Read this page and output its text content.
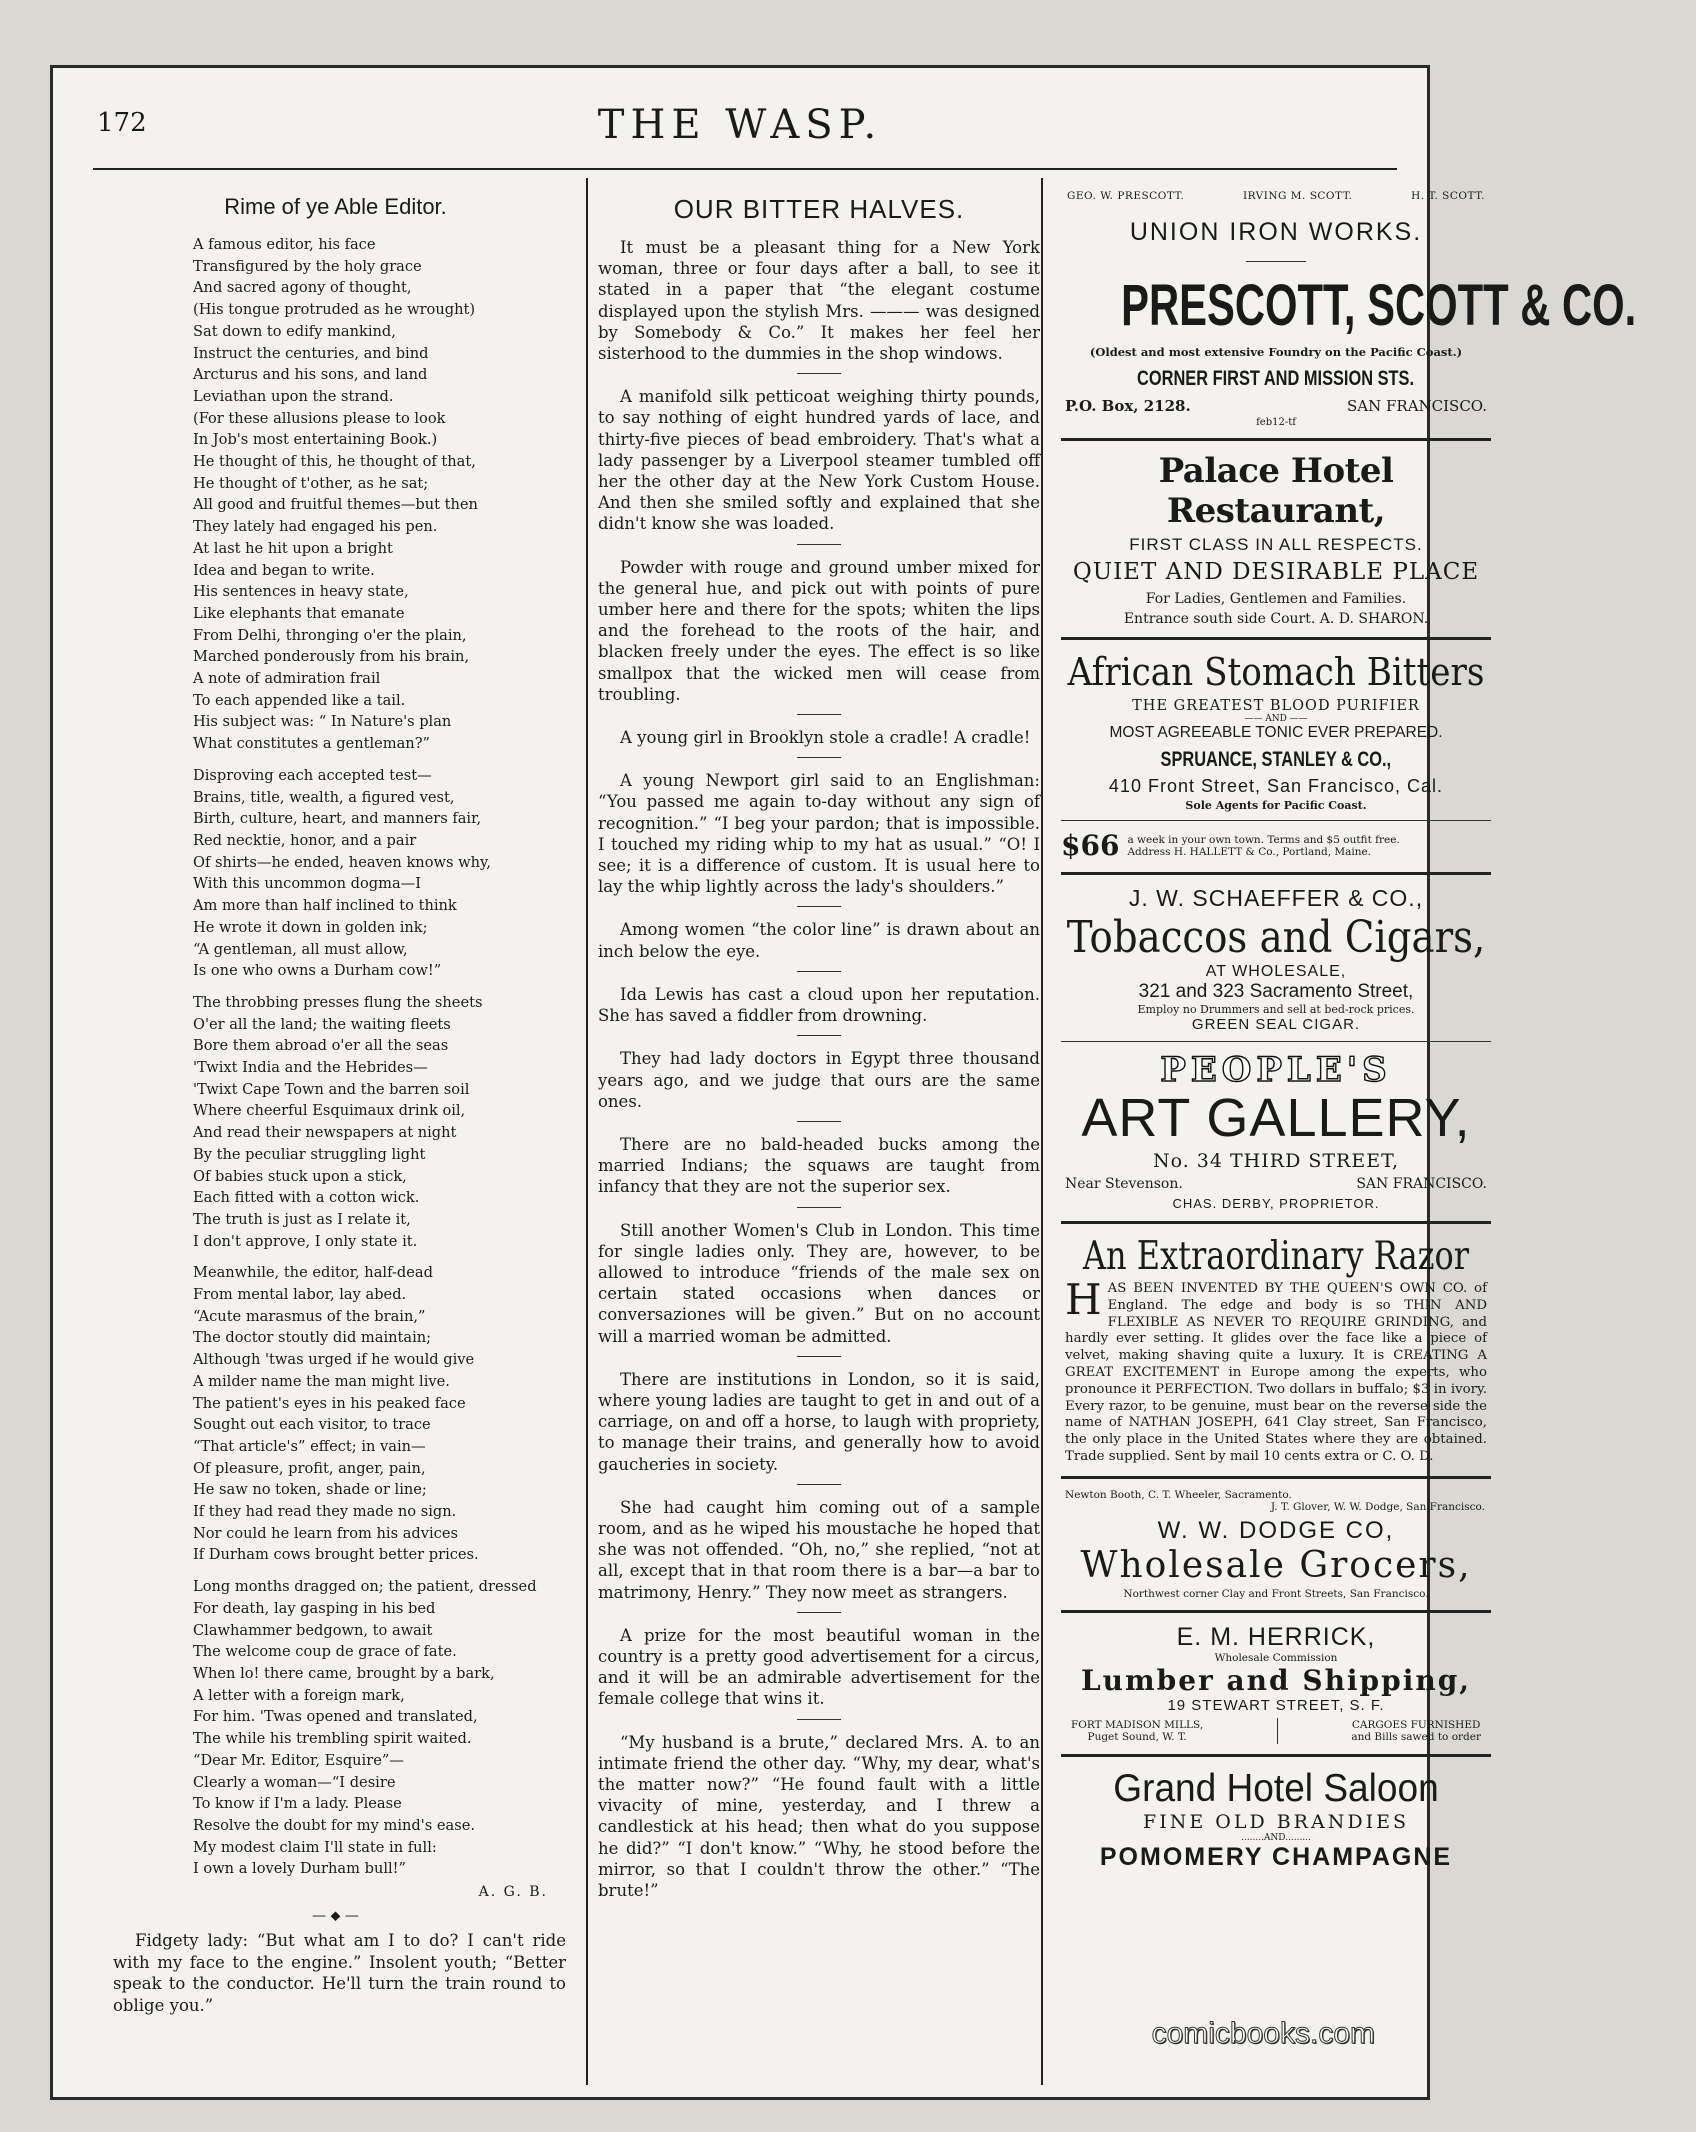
172	THE WASP.
Rime of ye Able Editor.
A famous editor, his face
Transfigured by the holy grace
And sacred agony of thought,
(His tongue protruded as he wrought)
Sat down to edify mankind,
Instruct the centuries, and bind
Arcturus and his sons, and land
Leviathan upon the strand.
(For these allusions please to look
In Job's most entertaining Book.)
He thought of this, he thought of that,
He thought of t'other, as he sat;
All good and fruitful themes—but then
They lately had engaged his pen.
At last he hit upon a bright
Idea and began to write.
His sentences in heavy state,
Like elephants that emanate
From Delhi, thronging o'er the plain,
Marched ponderously from his brain,
A note of admiration frail
To each appended like a tail.
His subject was: “ In Nature's plan
What constitutes a gentleman?”
Disproving each accepted test—
Brains, title, wealth, a figured vest,
Birth, culture, heart, and manners fair,
Red necktie, honor, and a pair
Of shirts—he ended, heaven knows why,
With this uncommon dogma—I
Am more than half inclined to think
He wrote it down in golden ink;
“A gentleman, all must allow,
Is one who owns a Durham cow!”
The throbbing presses flung the sheets
O'er all the land; the waiting fleets
Bore them abroad o'er all the seas
'Twixt India and the Hebrides—
'Twixt Cape Town and the barren soil
Where cheerful Esquimaux drink oil,
And read their newspapers at night
By the peculiar struggling light
Of babies stuck upon a stick,
Each fitted with a cotton wick.
The truth is just as I relate it,
I don't approve, I only state it.
Meanwhile, the editor, half-dead
From mental labor, lay abed.
“Acute marasmus of the brain,”
The doctor stoutly did maintain;
Although 'twas urged if he would give
A milder name the man might live.
The patient's eyes in his peaked face
Sought out each visitor, to trace
“That article's” effect; in vain—
Of pleasure, profit, anger, pain,
He saw no token, shade or line;
If they had read they made no sign.
Nor could he learn from his advices
If Durham cows brought better prices.
Long months dragged on; the patient, dressed
For death, lay gasping in his bed
Clawhammer bedgown, to await
The welcome coup de grace of fate.
When lo! there came, brought by a bark,
A letter with a foreign mark,
For him. 'Twas opened and translated,
The while his trembling spirit waited.
“Dear Mr. Editor, Esquire”—
Clearly a woman—“I desire
To know if I'm a lady. Please
Resolve the doubt for my mind's ease.
My modest claim I'll state in full:
I own a lovely Durham bull!”
A. G. B.
— ⬥ —
Fidgety lady: “But what am I to do? I can't ride with my face to the engine.” Insolent youth; “Better speak to the conductor. He'll turn the train round to oblige you.”
OUR BITTER HALVES.
It must be a pleasant thing for a New York woman, three or four days after a ball, to see it stated in a paper that “the elegant costume displayed upon the stylish Mrs. ——— was designed by Somebody & Co.” It makes her feel her sisterhood to the dummies in the shop windows.
A manifold silk petticoat weighing thirty pounds, to say nothing of eight hundred yards of lace, and thirty-five pieces of bead embroidery. That's what a lady passenger by a Liverpool steamer tumbled off her the other day at the New York Custom House. And then she smiled softly and explained that she didn't know she was loaded.
Powder with rouge and ground umber mixed for the general hue, and pick out with points of pure umber here and there for the spots; whiten the lips and the forehead to the roots of the hair, and blacken freely under the eyes. The effect is so like smallpox that the wicked men will cease from troubling.
A young girl in Brooklyn stole a cradle! A cradle!
A young Newport girl said to an Englishman: “You passed me again to-day without any sign of recognition.” “I beg your pardon; that is impossible. I touched my riding whip to my hat as usual.” “O! I see; it is a difference of custom. It is usual here to lay the whip lightly across the lady's shoulders.”
Among women “the color line” is drawn about an inch below the eye.
Ida Lewis has cast a cloud upon her reputation. She has saved a fiddler from drowning.
They had lady doctors in Egypt three thousand years ago, and we judge that ours are the same ones.
There are no bald-headed bucks among the married Indians; the squaws are taught from infancy that they are not the superior sex.
Still another Women's Club in London. This time for single ladies only. They are, however, to be allowed to introduce “friends of the male sex on certain stated occasions when dances or conversaziones will be given.” But on no account will a married woman be admitted.
There are institutions in London, so it is said, where young ladies are taught to get in and out of a carriage, on and off a horse, to laugh with propriety, to manage their trains, and generally how to avoid gaucheries in society.
She had caught him coming out of a sample room, and as he wiped his moustache he hoped that she was not offended. “Oh, no,” she replied, “not at all, except that in that room there is a bar—a bar to matrimony, Henry.” They now meet as strangers.
A prize for the most beautiful woman in the country is a pretty good advertisement for a circus, and it will be an admirable advertisement for the female college that wins it.
“My husband is a brute,” declared Mrs. A. to an intimate friend the other day. “Why, my dear, what's the matter now?” “He found fault with a little vivacity of mine, yesterday, and I threw a candlestick at his head; then what do you suppose he did?” “I don't know.” “Why, he stood before the mirror, so that I couldn't throw the other.” “The brute!”
GEO. W. PRESCOTT.	IRVING M. SCOTT.	H. T. SCOTT.
UNION IRON WORKS.
PRESCOTT, SCOTT & CO.
(Oldest and most extensive Foundry on the Pacific Coast.)
CORNER FIRST AND MISSION STS.
P.O. Box, 2128.	SAN FRANCISCO.
feb12-tf
Palace Hotel Restaurant,
FIRST CLASS IN ALL RESPECTS.
QUIET AND DESIRABLE PLACE
For Ladies, Gentlemen and Families.
Entrance south side Court. A. D. SHARON.
African Stomach Bitters
THE GREATEST BLOOD PURIFIER
—— AND ——
MOST AGREEABLE TONIC EVER PREPARED.
SPRUANCE, STANLEY & CO.,
410 Front Street, San Francisco, Cal.
Sole Agents for Pacific Coast.
$66 a week in your own town. Terms and $5 outfit free.
Address H. HALLETT & Co., Portland, Maine.
J. W. SCHAEFFER & CO.,
Tobaccos and Cigars,
AT WHOLESALE,
321 and 323 Sacramento Street,
Employ no Drummers and sell at bed-rock prices.
GREEN SEAL CIGAR.
PEOPLE'S
ART GALLERY,
No. 34 THIRD STREET,
Near Stevenson.	SAN FRANCISCO.
CHAS. DERBY, PROPRIETOR.
An Extraordinary Razor
H AS BEEN INVENTED BY THE QUEEN'S OWN CO. of England. The edge and body is so THIN AND FLEXIBLE AS NEVER TO REQUIRE GRINDING, and hardly ever setting. It glides over the face like a piece of velvet, making shaving quite a luxury. It is CREATING A GREAT EXCITEMENT in Europe among the experts, who pronounce it PERFECTION. Two dollars in buffalo; $3 in ivory. Every razor, to be genuine, must bear on the reverse side the name of NATHAN JOSEPH, 641 Clay street, San Francisco, the only place in the United States where they are obtained. Trade supplied. Sent by mail 10 cents extra or C. O. D.
Newton Booth, C. T. Wheeler, Sacramento.
J. T. Glover, W. W. Dodge, San Francisco.
W. W. DODGE CO,
Wholesale Grocers,
Northwest corner Clay and Front Streets, San Francisco.
E. M. HERRICK,
Wholesale Commission
Lumber and Shipping,
19 STEWART STREET, S. F.
FORT MADISON MILLS,
Puget Sound, W. T.
CARGOES FURNISHED
and Bills sawed to order
Grand Hotel Saloon
FINE OLD BRANDIES
........AND.........
POMOMERY CHAMPAGNE
comicbooks.com
